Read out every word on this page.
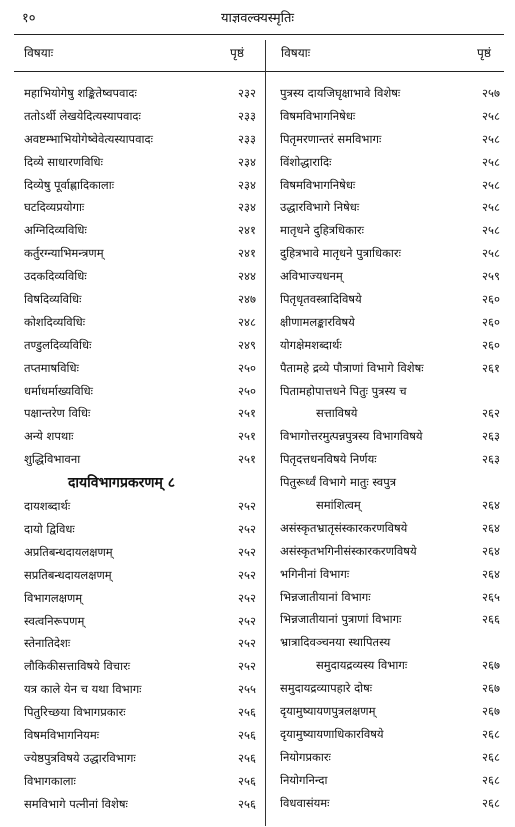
१०	याज्ञवल्क्यस्मृतिः
विषयाः	पृष्ठं	विषयाः	पृष्ठं
महाभियोगेषु शङ्कितेष्वपवादः	२३२
ततोऽर्थी लेखयेदित्यस्यापवादः	२३३
अवष्टम्भाभियोगेष्वेवेत्यस्यापवादः	२३३
दिव्ये साधारणविधिः	२३४
दिव्येषु पूर्वाह्णादिकालाः	२३४
घटदिव्यप्रयोगाः	२३४
अग्निदिव्यविधिः	२४१
कर्तुरग्न्याभिमन्त्रणम्	२४१
उदकदिव्यविधिः	२४४
विषदिव्यविधिः	२४७
कोशदिव्यविधिः	२४८
तण्डुलदिव्यविधिः	२४९
तप्तमाषविधिः	२५०
धर्माधर्माख्यविधिः	२५०
पक्षान्तरेण विधिः	२५१
अन्ये शपथाः	२५१
शुद्धिविभावना	२५१
दायविभागप्रकरणम् ८
दायशब्दार्थः	२५२
दायो द्विविधः	२५२
अप्रतिबन्धदायलक्षणम्	२५२
सप्रतिबन्धदायलक्षणम्	२५२
विभागलक्षणम्	२५२
स्वत्वनिरूपणम्	२५२
स्तेनातिदेशः	२५२
लौकिकीसत्ताविषये विचारः	२५२
यत्र काले येन च यथा विभागः	२५५
पितुरिच्छया विभागप्रकारः	२५६
विषमविभागनियमः	२५६
ज्येष्ठपुत्रविषये उद्धारविभागः	२५६
विभागकालाः	२५६
समविभागे पत्नीनां विशेषः	२५६
पुत्रस्य दायजिघृक्षाभावे विशेषः	२५७
विषमविभागनिषेधः	२५८
पितृमरणान्तरं समविभागः	२५८
विंशोद्धारादिः	२५८
विषमविभागनिषेधः	२५८
उद्धारविभागे निषेधः	२५८
मातृधने दुहित्रधिकारः	२५८
दुहित्रभावे मातृधने पुत्राधिकारः	२५८
अविभाज्यधनम्	२५९
पितृधृतवस्त्रादिविषये	२६०
क्षीणामलङ्कारविषये	२६०
योगक्षेमशब्दार्थः	२६०
पैतामहे द्रव्ये पौत्राणां विभागे विशेषः	२६१
पितामहोपात्तधने पितुः पुत्रस्य च
सत्ताविषये	२६२
विभागोत्तरमुत्पन्नपुत्रस्य विभागविषये	२६३
पितृदत्तधनविषये निर्णयः	२६३
पितुरूर्ध्वं विभागे मातुः स्वपुत्र
समांशित्वम्	२६४
असंस्कृतभ्रातृसंस्कारकरणविषये	२६४
असंस्कृतभगिनीसंस्कारकरणविषये	२६४
भगिनीनां विभागः	२६४
भिन्नजातीयानां विभागः	२६५
भिन्नजातीयानां पुत्राणां विभागः	२६६
भ्रात्रादिवञ्चनया स्थापितस्य
समुदायद्रव्यस्य विभागः	२६७
समुदायद्रव्यापहारे दोषः	२६७
दृयामुष्यायणपुत्रलक्षणम्	२६७
दृयामुष्यायणाधिकारविषये	२६८
नियोगप्रकारः	२६८
नियोगनिन्दा	२६८
विधवासंयमः	२६८
